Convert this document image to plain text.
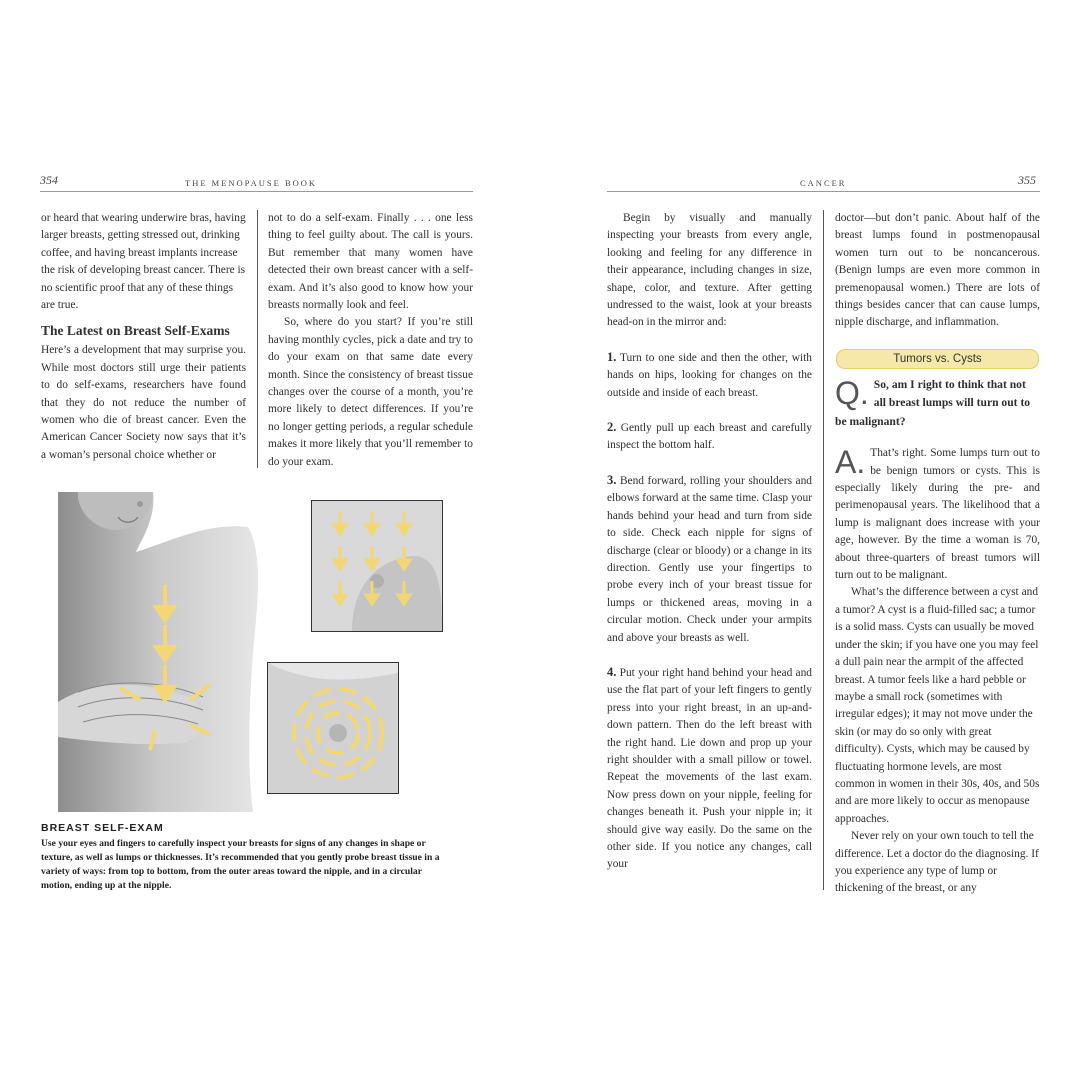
354	THE MENOPAUSE BOOK

or heard that wearing underwire bras, having larger breasts, getting stressed out, drinking coffee, and having breast implants increase the risk of developing breast cancer. There is no scientific proof that any of these things are true.

The Latest on Breast Self-Exams

Here’s a development that may surprise you. While most doctors still urge their patients to do self-exams, researchers have found that they do not reduce the number of women who die of breast cancer. Even the American Cancer Society now says that it’s a woman’s personal choice whether or

not to do a self-exam. Finally . . . one less thing to feel guilty about. The call is yours. But remember that many women have detected their own breast cancer with a self-exam. And it’s also good to know how your breasts normally look and feel.

So, where do you start? If you’re still having monthly cycles, pick a date and try to do your exam on that same date every month. Since the consistency of breast tissue changes over the course of a month, you’re more likely to detect differences. If you’re no longer getting periods, a regular schedule makes it more likely that you’ll remember to do your exam.

BREAST SELF-EXAM
Use your eyes and fingers to carefully inspect your breasts for signs of any changes in shape or texture, as well as lumps or thicknesses. It’s recommended that you gently probe breast tissue in a variety of ways: from top to bottom, from the outer areas toward the nipple, and in a circular motion, ending up at the nipple.
CANCER	355

Begin by visually and manually inspecting your breasts from every angle, looking and feeling for any difference in their appearance, including changes in size, shape, color, and texture. After getting undressed to the waist, look at your breasts head-on in the mirror and:

1. Turn to one side and then the other, with hands on hips, looking for changes on the outside and inside of each breast.

2. Gently pull up each breast and carefully inspect the bottom half.

3. Bend forward, rolling your shoulders and elbows forward at the same time. Clasp your hands behind your head and turn from side to side. Check each nipple for signs of discharge (clear or bloody) or a change in its direction. Gently use your fingertips to probe every inch of your breast tissue for lumps or thickened areas, moving in a circular motion. Check under your armpits and above your breasts as well.

4. Put your right hand behind your head and use the flat part of your left fingers to gently press into your right breast, in an up-and-down pattern. Then do the left breast with the right hand. Lie down and prop up your right shoulder with a small pillow or towel. Repeat the movements of the last exam. Now press down on your nipple, feeling for changes beneath it. Push your nipple in; it should give way easily. Do the same on the other side. If you notice any changes, call your

doctor—but don’t panic. About half of the breast lumps found in postmenopausal women turn out to be noncancerous. (Benign lumps are even more common in premenopausal women.) There are lots of things besides cancer that can cause lumps, nipple discharge, and inflammation.

Tumors vs. Cysts
Q. So, am I right to think that not all breast lumps will turn out to be malignant?
A. That’s right. Some lumps turn out to be benign tumors or cysts. This is especially likely during the pre- and perimenopausal years. The likelihood that a lump is malignant does increase with your age, however. By the time a woman is 70, about three-quarters of breast tumors will turn out to be malignant.

What’s the difference between a cyst and a tumor? A cyst is a fluid-filled sac; a tumor is a solid mass. Cysts can usually be moved under the skin; if you have one you may feel a dull pain near the armpit of the affected breast. A tumor feels like a hard pebble or maybe a small rock (sometimes with irregular edges); it may not move under the skin (or may do so only with great difficulty). Cysts, which may be caused by fluctuating hormone levels, are most common in women in their 30s, 40s, and 50s and are more likely to occur as menopause approaches.

Never rely on your own touch to tell the difference. Let a doctor do the diagnosing. If you experience any type of lump or thickening of the breast, or any
